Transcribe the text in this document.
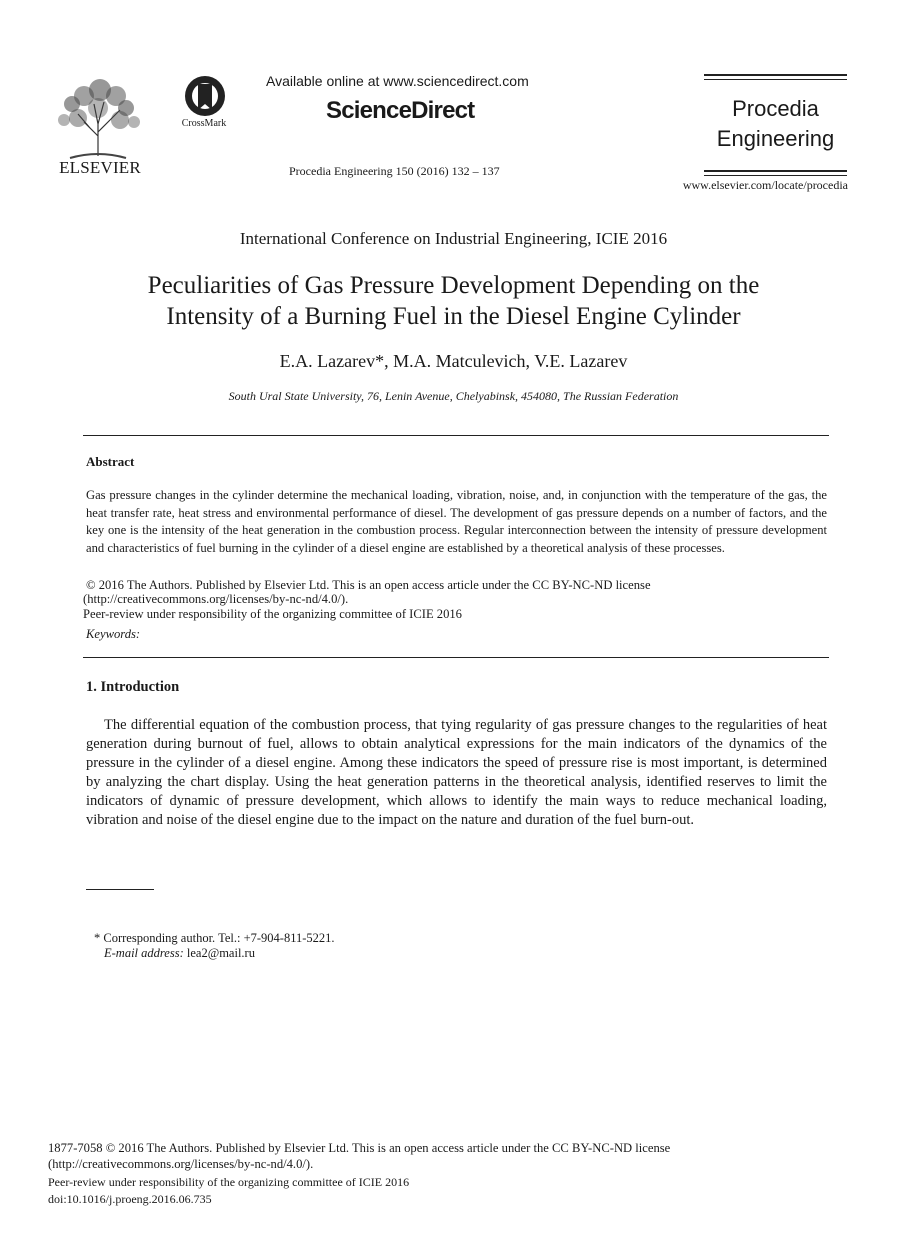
ELSEVIER
CrossMark
Available online at www.sciencedirect.com
ScienceDirect
Procedia Engineering 150 (2016) 132 – 137
Procedia
Engineering
www.elsevier.com/locate/procedia
International Conference on Industrial Engineering, ICIE 2016
Peculiarities of Gas Pressure Development Depending on the
Intensity of a Burning Fuel in the Diesel Engine Cylinder
E.A. Lazarev*, M.A. Matculevich, V.E. Lazarev
South Ural State University, 76, Lenin Avenue, Chelyabinsk, 454080, The Russian Federation
Abstract
Gas pressure changes in the cylinder determine the mechanical loading, vibration, noise, and, in conjunction with the temperature of the gas, the heat transfer rate, heat stress and environmental performance of diesel. The development of gas pressure depends on a number of factors, and the key one is the intensity of the heat generation in the combustion process. Regular interconnection between the intensity of pressure development and characteristics of fuel burning in the cylinder of a diesel engine are established by a theoretical analysis of these processes.
© 2016 The Authors. Published by Elsevier Ltd. This is an open access article under the CC BY-NC-ND license
(http://creativecommons.org/licenses/by-nc-nd/4.0/).
Peer-review under responsibility of the organizing committee of ICIE 2016
Keywords:
1. Introduction
The differential equation of the combustion process, that tying regularity of gas pressure changes to the regularities of heat generation during burnout of fuel, allows to obtain analytical expressions for the main indicators of the dynamics of the pressure in the cylinder of a diesel engine. Among these indicators the speed of pressure rise is most important, is determined by analyzing the chart display. Using the heat generation patterns in the theoretical analysis, identified reserves to limit the indicators of dynamic of pressure development, which allows to identify the main ways to reduce mechanical loading, vibration and noise of the diesel engine due to the impact on the nature and duration of the fuel burn-out.
* Corresponding author. Tel.: +7-904-811-5221.
E-mail address: lea2@mail.ru
1877-7058 © 2016 The Authors. Published by Elsevier Ltd. This is an open access article under the CC BY-NC-ND license
(http://creativecommons.org/licenses/by-nc-nd/4.0/).
Peer-review under responsibility of the organizing committee of ICIE 2016
doi:10.1016/j.proeng.2016.06.735
